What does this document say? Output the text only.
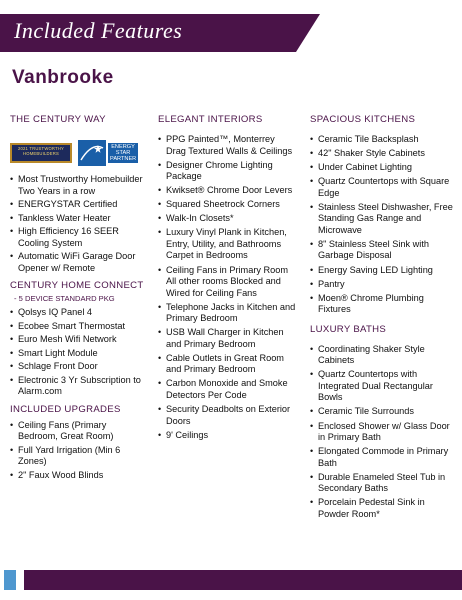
Included Features
Vanbrooke
THE CENTURY WAY
2021 TRUSTWORTHY HOMEBUILDERS
ENERGY STAR PARTNER
• Most Trustworthy Homebuilder Two Years in a row
• ENERGYSTAR Certified
• Tankless Water Heater
• High Efficiency 16 SEER Cooling System
• Automatic WiFi Garage Door Opener w/ Remote
CENTURY HOME CONNECT
- 5 DEVICE STANDARD PKG
• Qolsys IQ Panel 4
• Ecobee Smart Thermostat
• Euro Mesh Wifi Network
• Smart Light Module
• Schlage Front Door
• Electronic 3 Yr Subscription to Alarm.com
INCLUDED UPGRADES
• Ceiling Fans (Primary Bedroom, Great Room)
• Full Yard Irrigation (Min 6 Zones)
• 2" Faux Wood Blinds
ELEGANT INTERIORS
• PPG Painted™, Monterrey Drag Textured Walls & Ceilings
• Designer Chrome Lighting Package
• Kwikset® Chrome Door Levers
• Squared Sheetrock Corners
• Walk-In Closets*
• Luxury Vinyl Plank in Kitchen, Entry, Utility, and Bathrooms Carpet in Bedrooms
• Ceiling Fans in Primary Room All other rooms Blocked and Wired for Ceiling Fans
• Telephone Jacks in Kitchen and Primary Bedroom
• USB Wall Charger in Kitchen and Primary Bedroom
• Cable Outlets in Great Room and Primary Bedroom
• Carbon Monoxide and Smoke Detectors Per Code
• Security Deadbolts on Exterior Doors
• 9' Ceilings
SPACIOUS KITCHENS
• Ceramic Tile Backsplash
• 42" Shaker Style Cabinets
• Under Cabinet Lighting
• Quartz Countertops with Square Edge
• Stainless Steel Dishwasher, Free Standing Gas Range and Microwave
• 8" Stainless Steel Sink with Garbage Disposal
• Energy Saving LED Lighting
• Pantry
• Moen® Chrome Plumbing Fixtures
LUXURY BATHS
• Coordinating Shaker Style Cabinets
• Quartz Countertops with Integrated Dual Rectangular Bowls
• Ceramic Tile Surrounds
• Enclosed Shower w/ Glass Door in Primary Bath
• Elongated Commode in Primary Bath
• Durable Enameled Steel Tub in Secondary Baths
• Porcelain Pedestal Sink in Powder Room*
